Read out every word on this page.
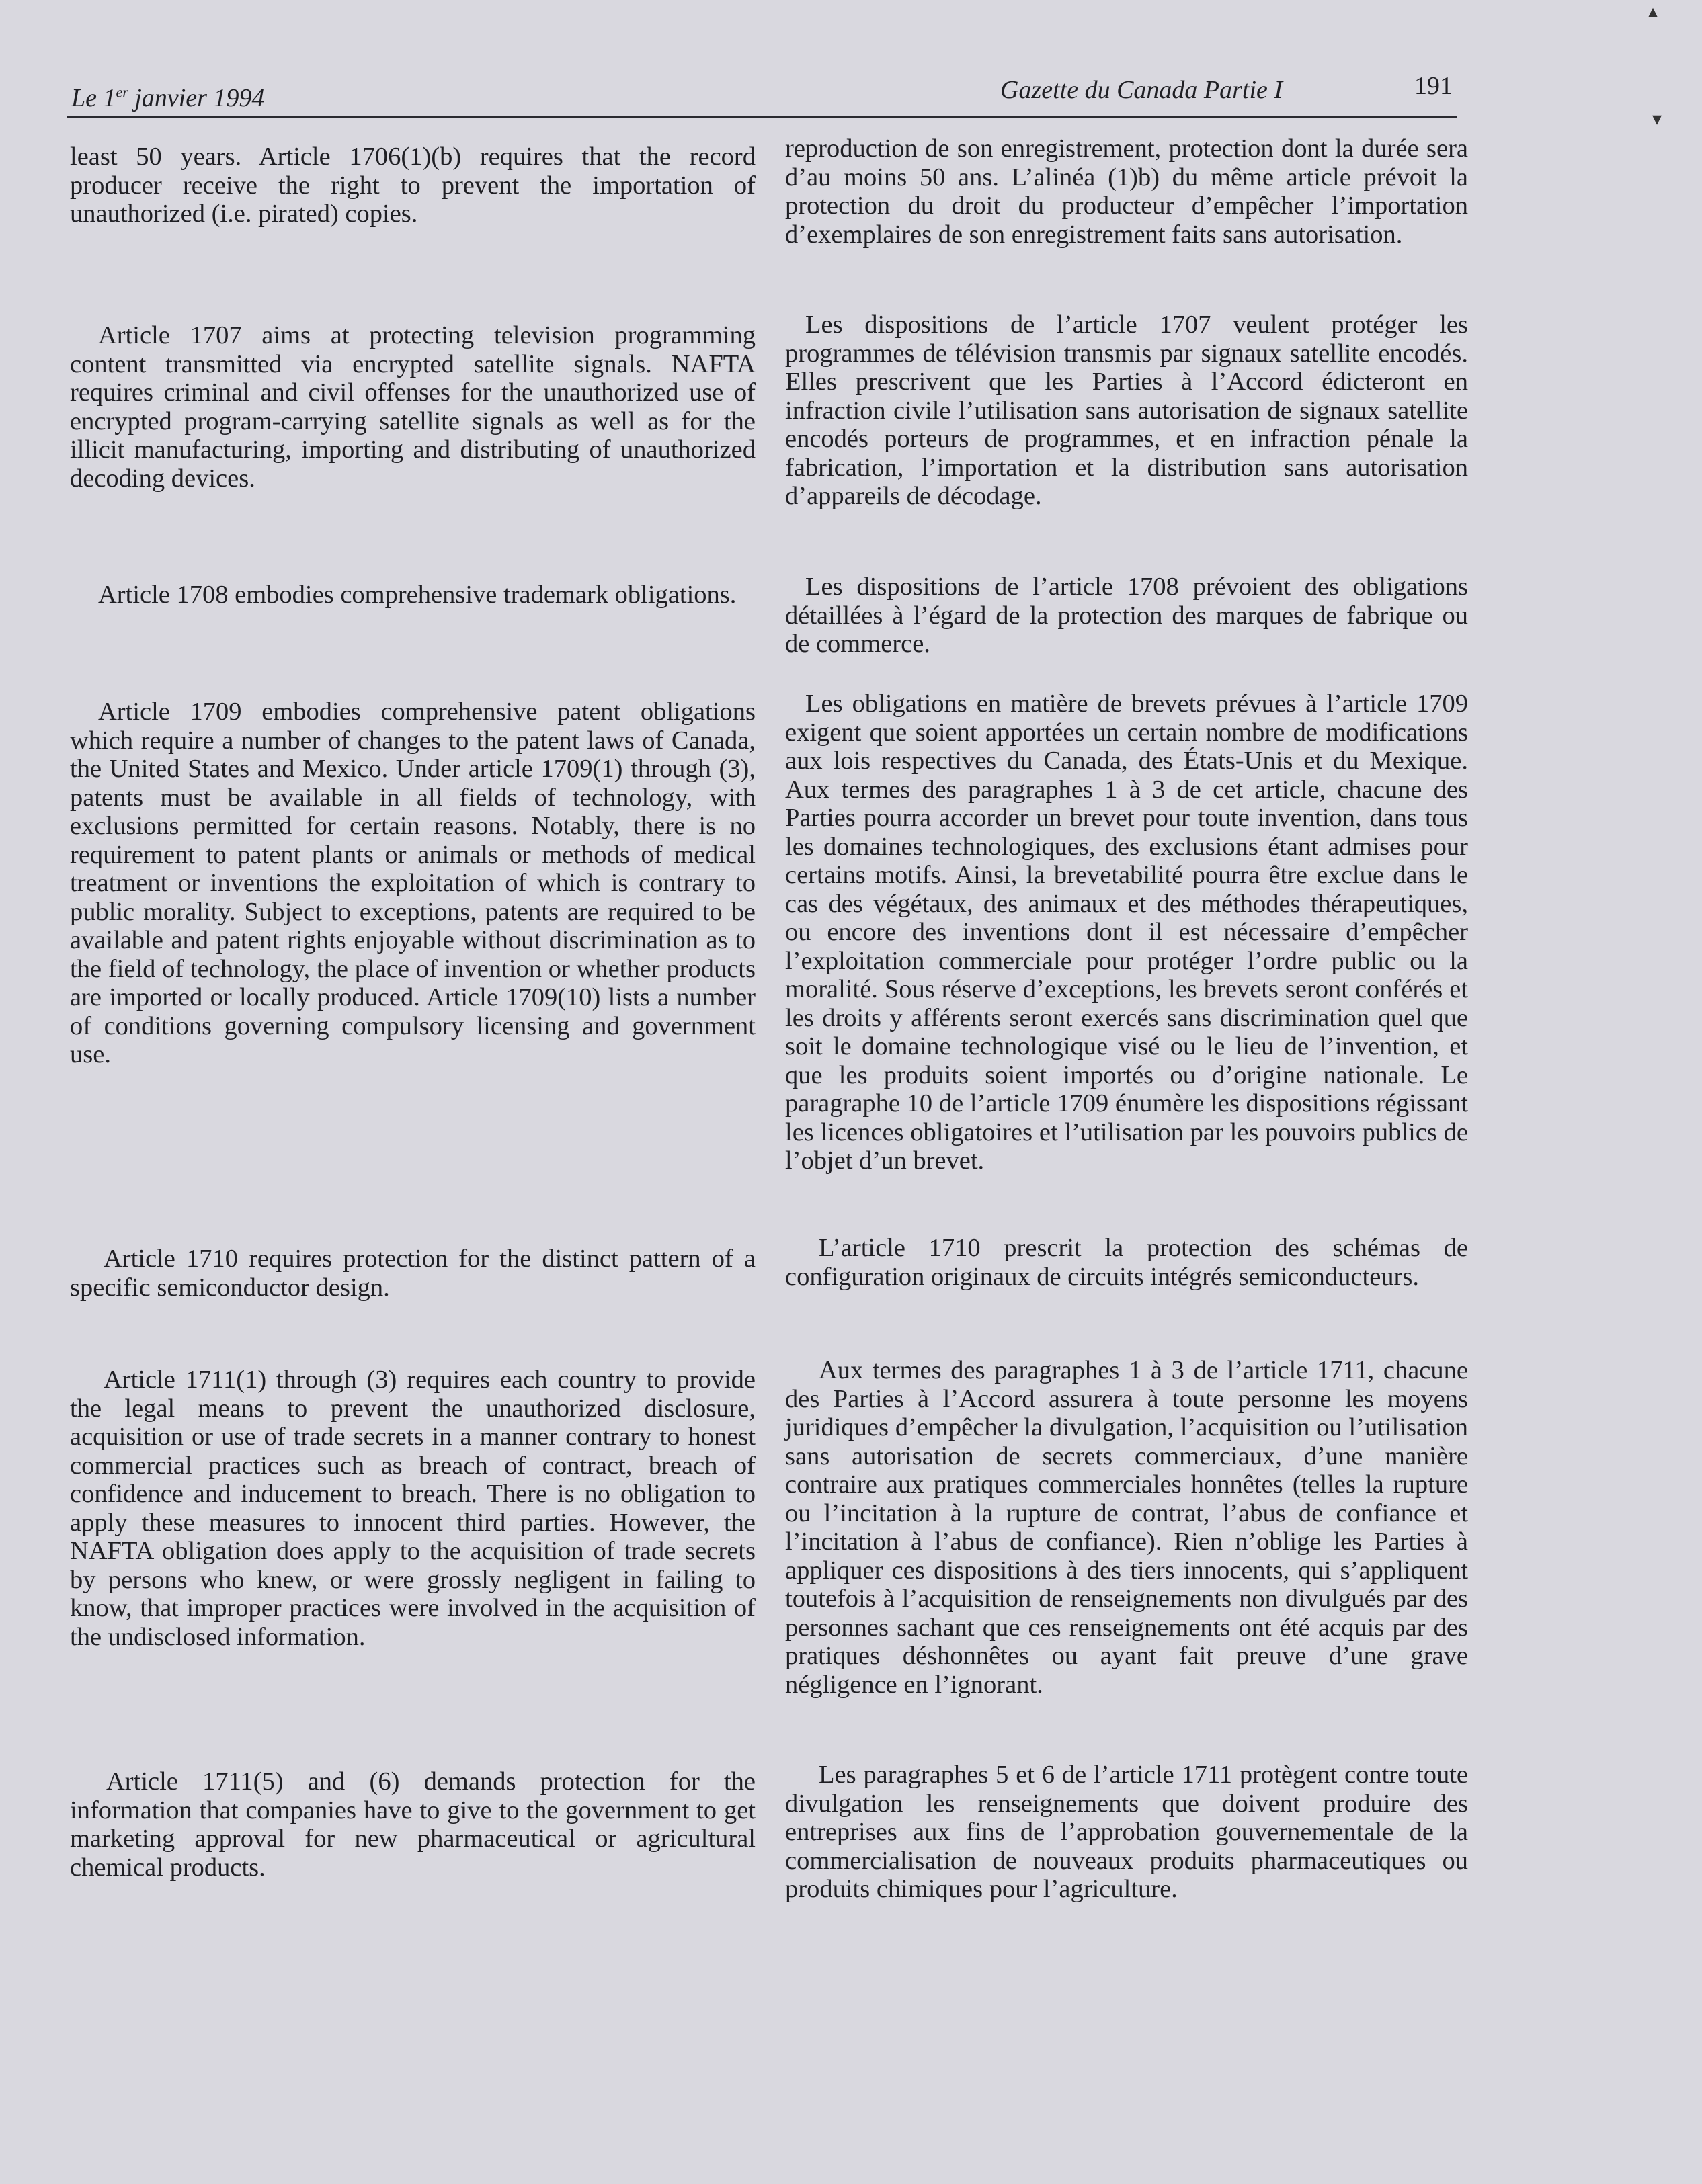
Le 1er janvier 1994	Gazette du Canada Partie I	191
▴
▾

least 50 years. Article 1706(1)(b) requires that the record producer receive the right to prevent the importation of unauthorized (i.e. pirated) copies.

Article 1707 aims at protecting television programming content transmitted via encrypted satellite signals. NAFTA requires criminal and civil offenses for the unauthorized use of encrypted program-carrying satellite signals as well as for the illicit manufacturing, importing and distributing of unauthorized decoding devices.

Article 1708 embodies comprehensive trademark obligations.

Article 1709 embodies comprehensive patent obligations which require a number of changes to the patent laws of Canada, the United States and Mexico. Under article 1709(1) through (3), patents must be available in all fields of technology, with exclusions permitted for certain reasons. Notably, there is no requirement to patent plants or animals or methods of medical treatment or inventions the exploitation of which is contrary to public morality. Subject to exceptions, patents are required to be available and patent rights enjoyable without discrimination as to the field of technology, the place of invention or whether products are imported or locally produced. Article 1709(10) lists a number of conditions governing compulsory licensing and government use.

Article 1710 requires protection for the distinct pattern of a specific semiconductor design.

Article 1711(1) through (3) requires each country to provide the legal means to prevent the unauthorized disclosure, acquisition or use of trade secrets in a manner contrary to honest commercial practices such as breach of contract, breach of confidence and inducement to breach. There is no obligation to apply these measures to innocent third parties. However, the NAFTA obligation does apply to the acquisition of trade secrets by persons who knew, or were grossly negligent in failing to know, that improper practices were involved in the acquisition of the undisclosed information.

Article 1711(5) and (6) demands protection for the information that companies have to give to the government to get marketing approval for new pharmaceutical or agricultural chemical products.

reproduction de son enregistrement, protection dont la durée sera d’au moins 50 ans. L’alinéa (1)b) du même article prévoit la protection du droit du producteur d’empêcher l’importation d’exemplaires de son enregistrement faits sans autorisation.

Les dispositions de l’article 1707 veulent protéger les programmes de télévision transmis par signaux satellite encodés. Elles prescrivent que les Parties à l’Accord édicteront en infraction civile l’utilisation sans autorisation de signaux satellite encodés porteurs de programmes, et en infraction pénale la fabrication, l’importation et la distribution sans autorisation d’appareils de décodage.

Les dispositions de l’article 1708 prévoient des obligations détaillées à l’égard de la protection des marques de fabrique ou de commerce.

Les obligations en matière de brevets prévues à l’article 1709 exigent que soient apportées un certain nombre de modifications aux lois respectives du Canada, des États-Unis et du Mexique. Aux termes des paragraphes 1 à 3 de cet article, chacune des Parties pourra accorder un brevet pour toute invention, dans tous les domaines technologiques, des exclusions étant admises pour certains motifs. Ainsi, la brevetabilité pourra être exclue dans le cas des végétaux, des animaux et des méthodes thérapeutiques, ou encore des inventions dont il est nécessaire d’empêcher l’exploitation commerciale pour protéger l’ordre public ou la moralité. Sous réserve d’exceptions, les brevets seront conférés et les droits y afférents seront exercés sans discrimination quel que soit le domaine technologique visé ou le lieu de l’invention, et que les produits soient importés ou d’origine nationale. Le paragraphe 10 de l’article 1709 énumère les dispositions régissant les licences obligatoires et l’utilisation par les pouvoirs publics de l’objet d’un brevet.

L’article 1710 prescrit la protection des schémas de configuration originaux de circuits intégrés semiconducteurs.

Aux termes des paragraphes 1 à 3 de l’article 1711, chacune des Parties à l’Accord assurera à toute personne les moyens juridiques d’empêcher la divulgation, l’acquisition ou l’utilisation sans autorisation de secrets commerciaux, d’une manière contraire aux pratiques commerciales honnêtes (telles la rupture ou l’incitation à la rupture de contrat, l’abus de confiance et l’incitation à l’abus de confiance). Rien n’oblige les Parties à appliquer ces dispositions à des tiers innocents, qui s’appliquent toutefois à l’acquisition de renseignements non divulgués par des personnes sachant que ces renseignements ont été acquis par des pratiques déshonnêtes ou ayant fait preuve d’une grave négligence en l’ignorant.

Les paragraphes 5 et 6 de l’article 1711 protègent contre toute divulgation les renseignements que doivent produire des entreprises aux fins de l’approbation gouvernementale de la commercialisation de nouveaux produits pharmaceutiques ou produits chimiques pour l’agriculture.
